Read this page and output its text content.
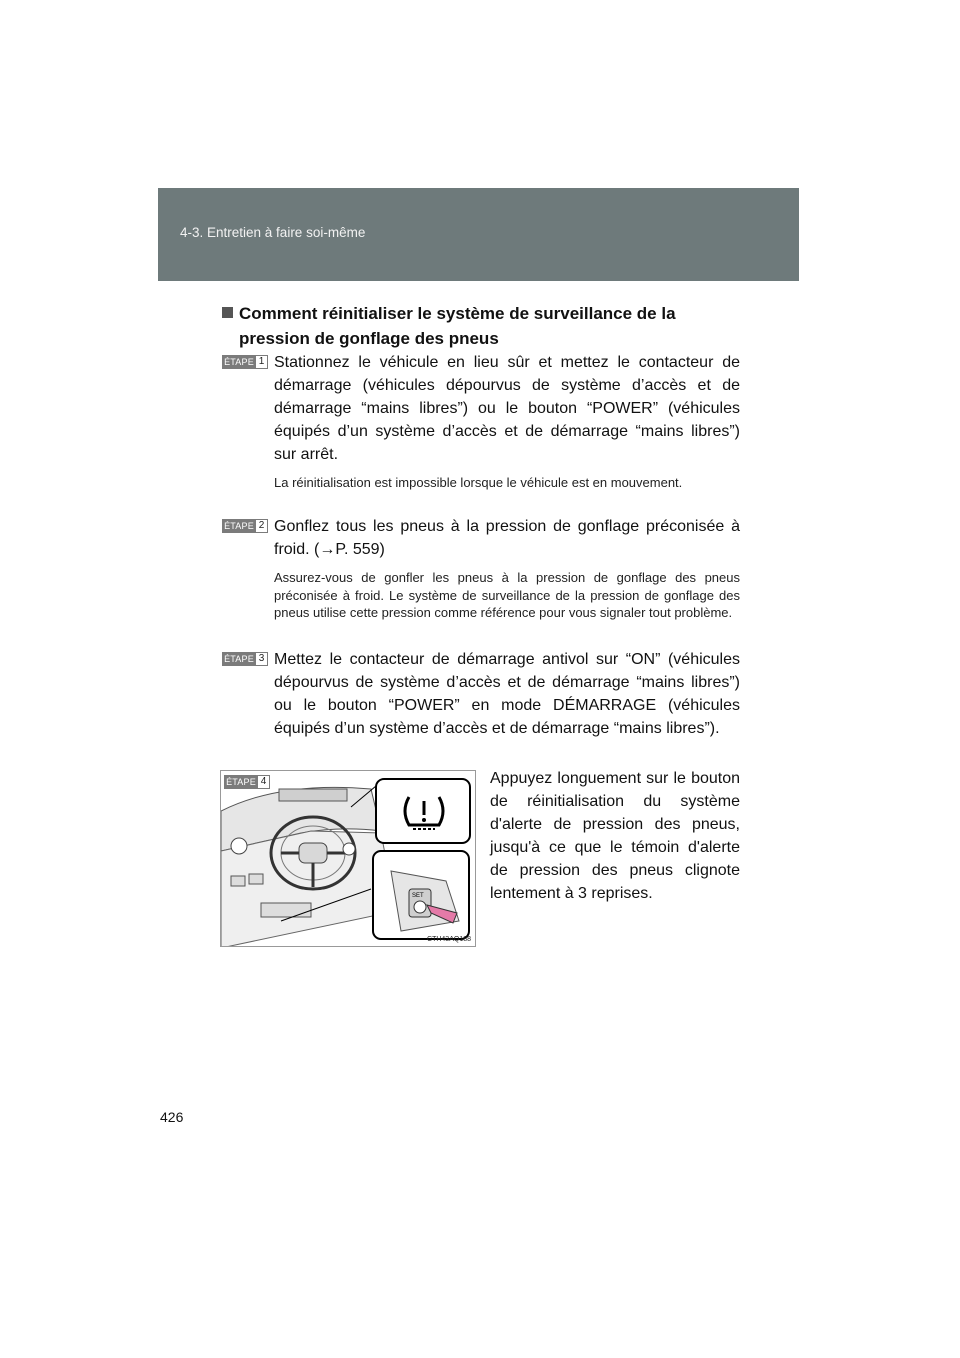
4-3. Entretien à faire soi-même
Comment réinitialiser le système de surveillance de la
pression de gonflage des pneus
ÉTAPE 1 Stationnez le véhicule en lieu sûr et mettez le contacteur de démarrage (véhicules dépourvus de système d’accès et de démarrage “mains libres”) ou le bouton “POWER” (véhicules équipés d’un système d’accès et de démarrage “mains libres”) sur arrêt.
La réinitialisation est impossible lorsque le véhicule est en mouvement.
ÉTAPE 2 Gonflez tous les pneus à la pression de gonflage préconisée à froid. (→P. 559)
Assurez-vous de gonfler les pneus à la pression de gonflage des pneus préconisée à froid. Le système de surveillance de la pression de gonflage des pneus utilise cette pression comme référence pour vous signaler tout problème.
ÉTAPE 3 Mettez le contacteur de démarrage antivol sur “ON” (véhicules dépourvus de système d’accès et de démarrage “mains libres”) ou le bouton “POWER” en mode DÉMARRAGE (véhicules équipés d’un système d’accès et de démarrage “mains libres”).
SET
ÉTAPE 4
CTH43AQ188
Appuyez longuement sur le bouton de réinitialisation du système d'alerte de pression des pneus, jusqu'à ce que le témoin d'alerte de pression des pneus clignote lentement à 3 reprises.
426
